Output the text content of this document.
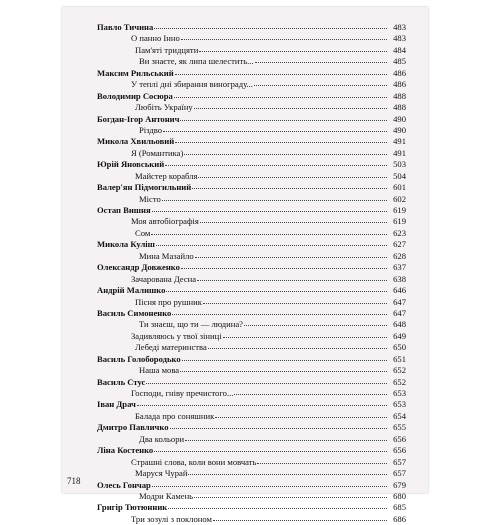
Павло Тичина	483
О панно Інно	483
Пам'яті тридцяти	484
Ви знаєте, як липа шелестить...	485
Максим Рильський	486
У теплі дні збирання винограду...	486
Володимир Сосюра	488
Любіть Україну	488
Богдан-Ігор Антонич	490
Різдво	490
Микола Хвильовий	491
Я (Романтика)	491
Юрій Яновський	503
Майстер корабля	504
Валер'ян Підмогильний	601
Місто	602
Остап Вишня	619
Моя автобіографія	619
Сом	623
Микола Куліш	627
Мина Мазайло	628
Олександр Довженко	637
Зачарована Десна	638
Андрій Малишко	646
Пісня про рушник	647
Василь Симоненко	647
Ти знаєш, що ти — людина?	648
Задивляюсь у твої зіниці	649
Лебеді материнства	650
Василь Голобородько	651
Наша мова	652
Василь Стус	652
Господи, гніву пречистого...	653
Іван Драч	653
Балада про соняшник	654
Дмитро Павличко	655
Два кольори	656
Ліна Костенко	656
Страшні слова, коли вони мовчать	657
Маруся Чурай	657
Олесь Гончар	679
Модри Камень	680
Григір Тютюнник	685
Три зозулі з поклоном	686
718
